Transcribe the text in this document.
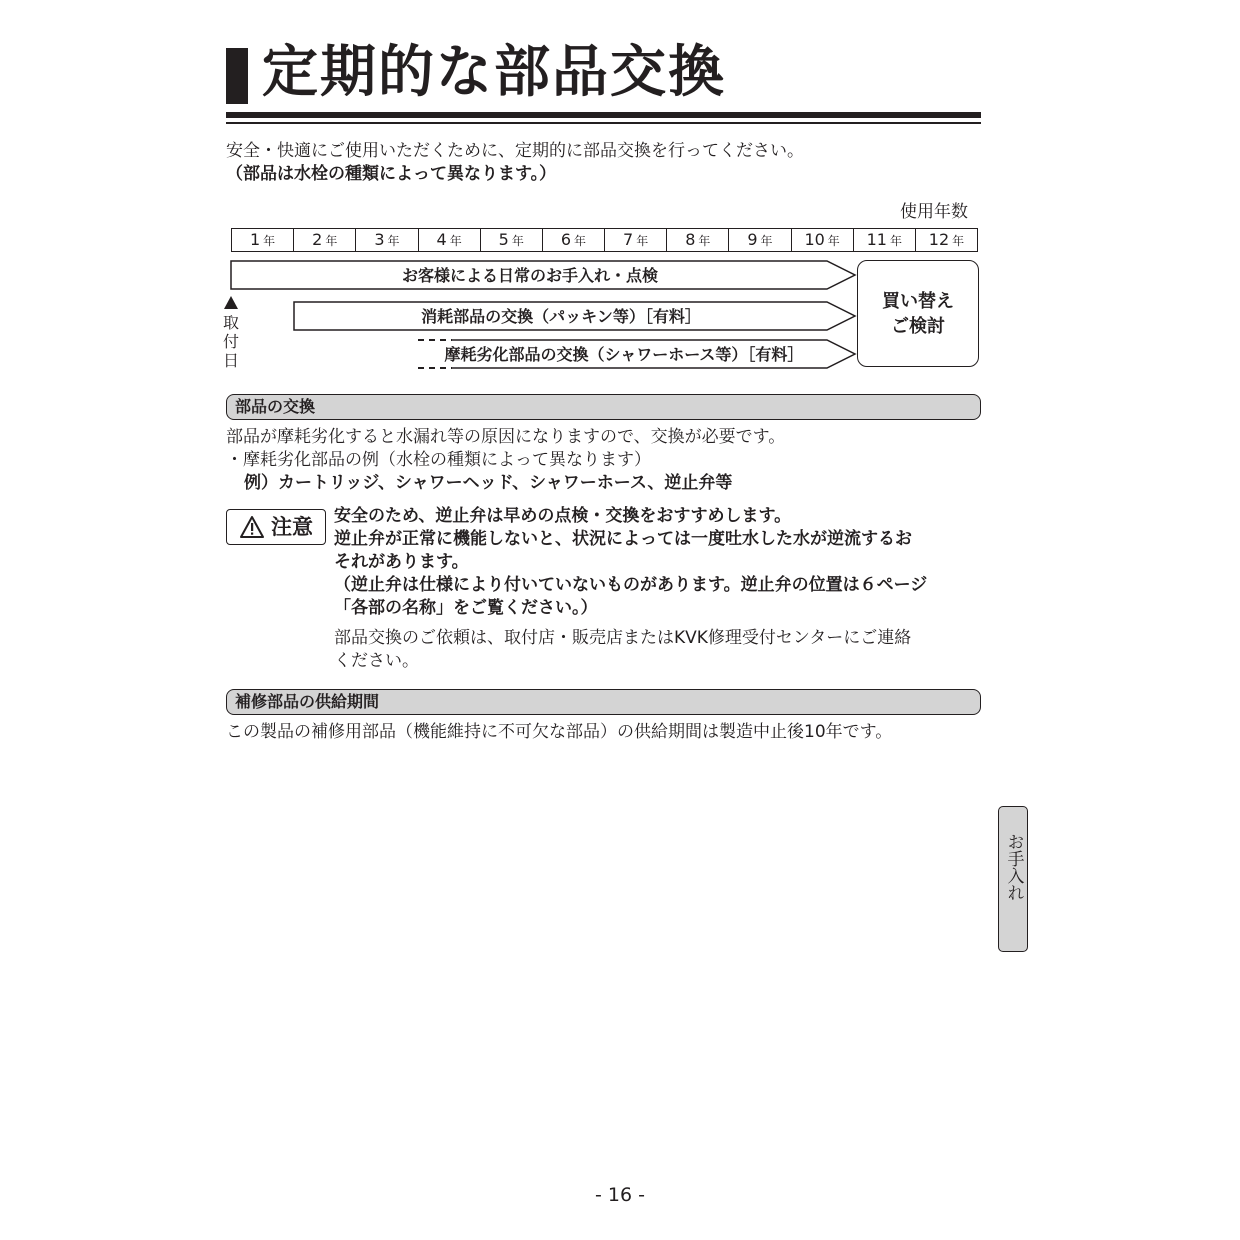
定期的な部品交換
安全・快適にご使用いただくために、定期的に部品交換を行ってください。
（部品は水栓の種類によって異なります。）
使用年数
1 年	2 年	3 年	4 年	5 年	6 年	7 年	8 年	9 年	10 年	11 年	12 年
お客様による日常のお手入れ・点検
消耗部品の交換（パッキン等）［有料］
摩耗劣化部品の交換（シャワーホース等）［有料］
買い替えご検討
取付日
部品の交換
部品が摩耗劣化すると水漏れ等の原因になりますので、交換が必要です。
・摩耗劣化部品の例（水栓の種類によって異なります）
例）カートリッジ、シャワーヘッド、シャワーホース、逆止弁等
注意 安全のため、逆止弁は早めの点検・交換をおすすめします。
逆止弁が正常に機能しないと、状況によっては一度吐水した水が逆流するお
それがあります。
（逆止弁は仕様により付いていないものがあります。逆止弁の位置は６ページ
「各部の名称」をご覧ください。）
部品交換のご依頼は、取付店・販売店またはKVK修理受付センターにご連絡
ください。
補修部品の供給期間
この製品の補修用部品（機能維持に不可欠な部品）の供給期間は製造中止後10年です。
お手入れ
- 16 -
